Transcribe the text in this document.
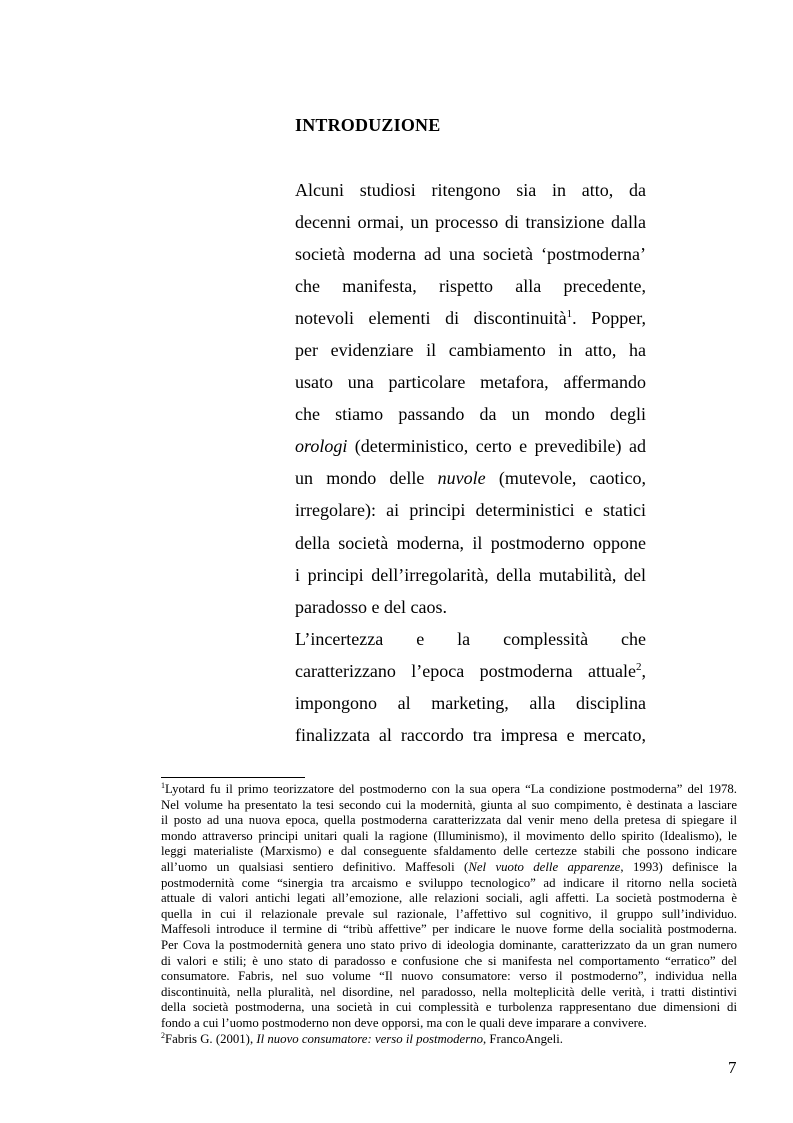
INTRODUZIONE
Alcuni studiosi ritengono sia in atto, da
decenni ormai, un processo di transizione dalla
società moderna ad una società ‘postmoderna’
che manifesta, rispetto alla precedente,
notevoli elementi di discontinuità$^1$. Popper,
per evidenziare il cambiamento in atto, ha
usato una particolare metafora, affermando
che stiamo passando da un mondo degli
orologi (deterministico, certo e prevedibile) ad
un mondo delle nuvole (mutevole, caotico,
irregolare): ai principi deterministici e statici
della società moderna, il postmoderno oppone
i principi dell’irregolarità, della mutabilità, del
paradosso e del caos.
L’incertezza e la complessità che
caratterizzano l’epoca postmoderna attuale$^2$,
impongono al marketing, alla disciplina
finalizzata al raccordo tra impresa e mercato,
$^1$Lyotard fu il primo teorizzatore del postmoderno con la sua opera “La condizione postmoderna” del 1978.
Nel volume ha presentato la tesi secondo cui la modernità, giunta al suo compimento, è destinata a lasciare
il posto ad una nuova epoca, quella postmoderna caratterizzata dal venir meno della pretesa di spiegare il
mondo attraverso principi unitari quali la ragione (Illuminismo), il movimento dello spirito (Idealismo), le
leggi materialiste (Marxismo) e dal conseguente sfaldamento delle certezze stabili che possono indicare
all’uomo un qualsiasi sentiero definitivo. Maffesoli (Nel vuoto delle apparenze, 1993) definisce la
postmodernità come “sinergia tra arcaismo e sviluppo tecnologico” ad indicare il ritorno nella società
attuale di valori antichi legati all’emozione, alle relazioni sociali, agli affetti. La società postmoderna è
quella in cui il relazionale prevale sul razionale, l’affettivo sul cognitivo, il gruppo sull’individuo.
Maffesoli introduce il termine di “tribù affettive” per indicare le nuove forme della socialità postmoderna.
Per Cova la postmodernità genera uno stato privo di ideologia dominante, caratterizzato da un gran numero
di valori e stili; è uno stato di paradosso e confusione che si manifesta nel comportamento “erratico” del
consumatore. Fabris, nel suo volume “Il nuovo consumatore: verso il postmoderno”, individua nella
discontinuità, nella pluralità, nel disordine, nel paradosso, nella molteplicità delle verità, i tratti distintivi
della società postmoderna, una società in cui complessità e turbolenza rappresentano due dimensioni di
fondo a cui l’uomo postmoderno non deve opporsi, ma con le quali deve imparare a convivere.
$^2$Fabris G. (2001), Il nuovo consumatore: verso il postmoderno, FrancoAngeli.
7
